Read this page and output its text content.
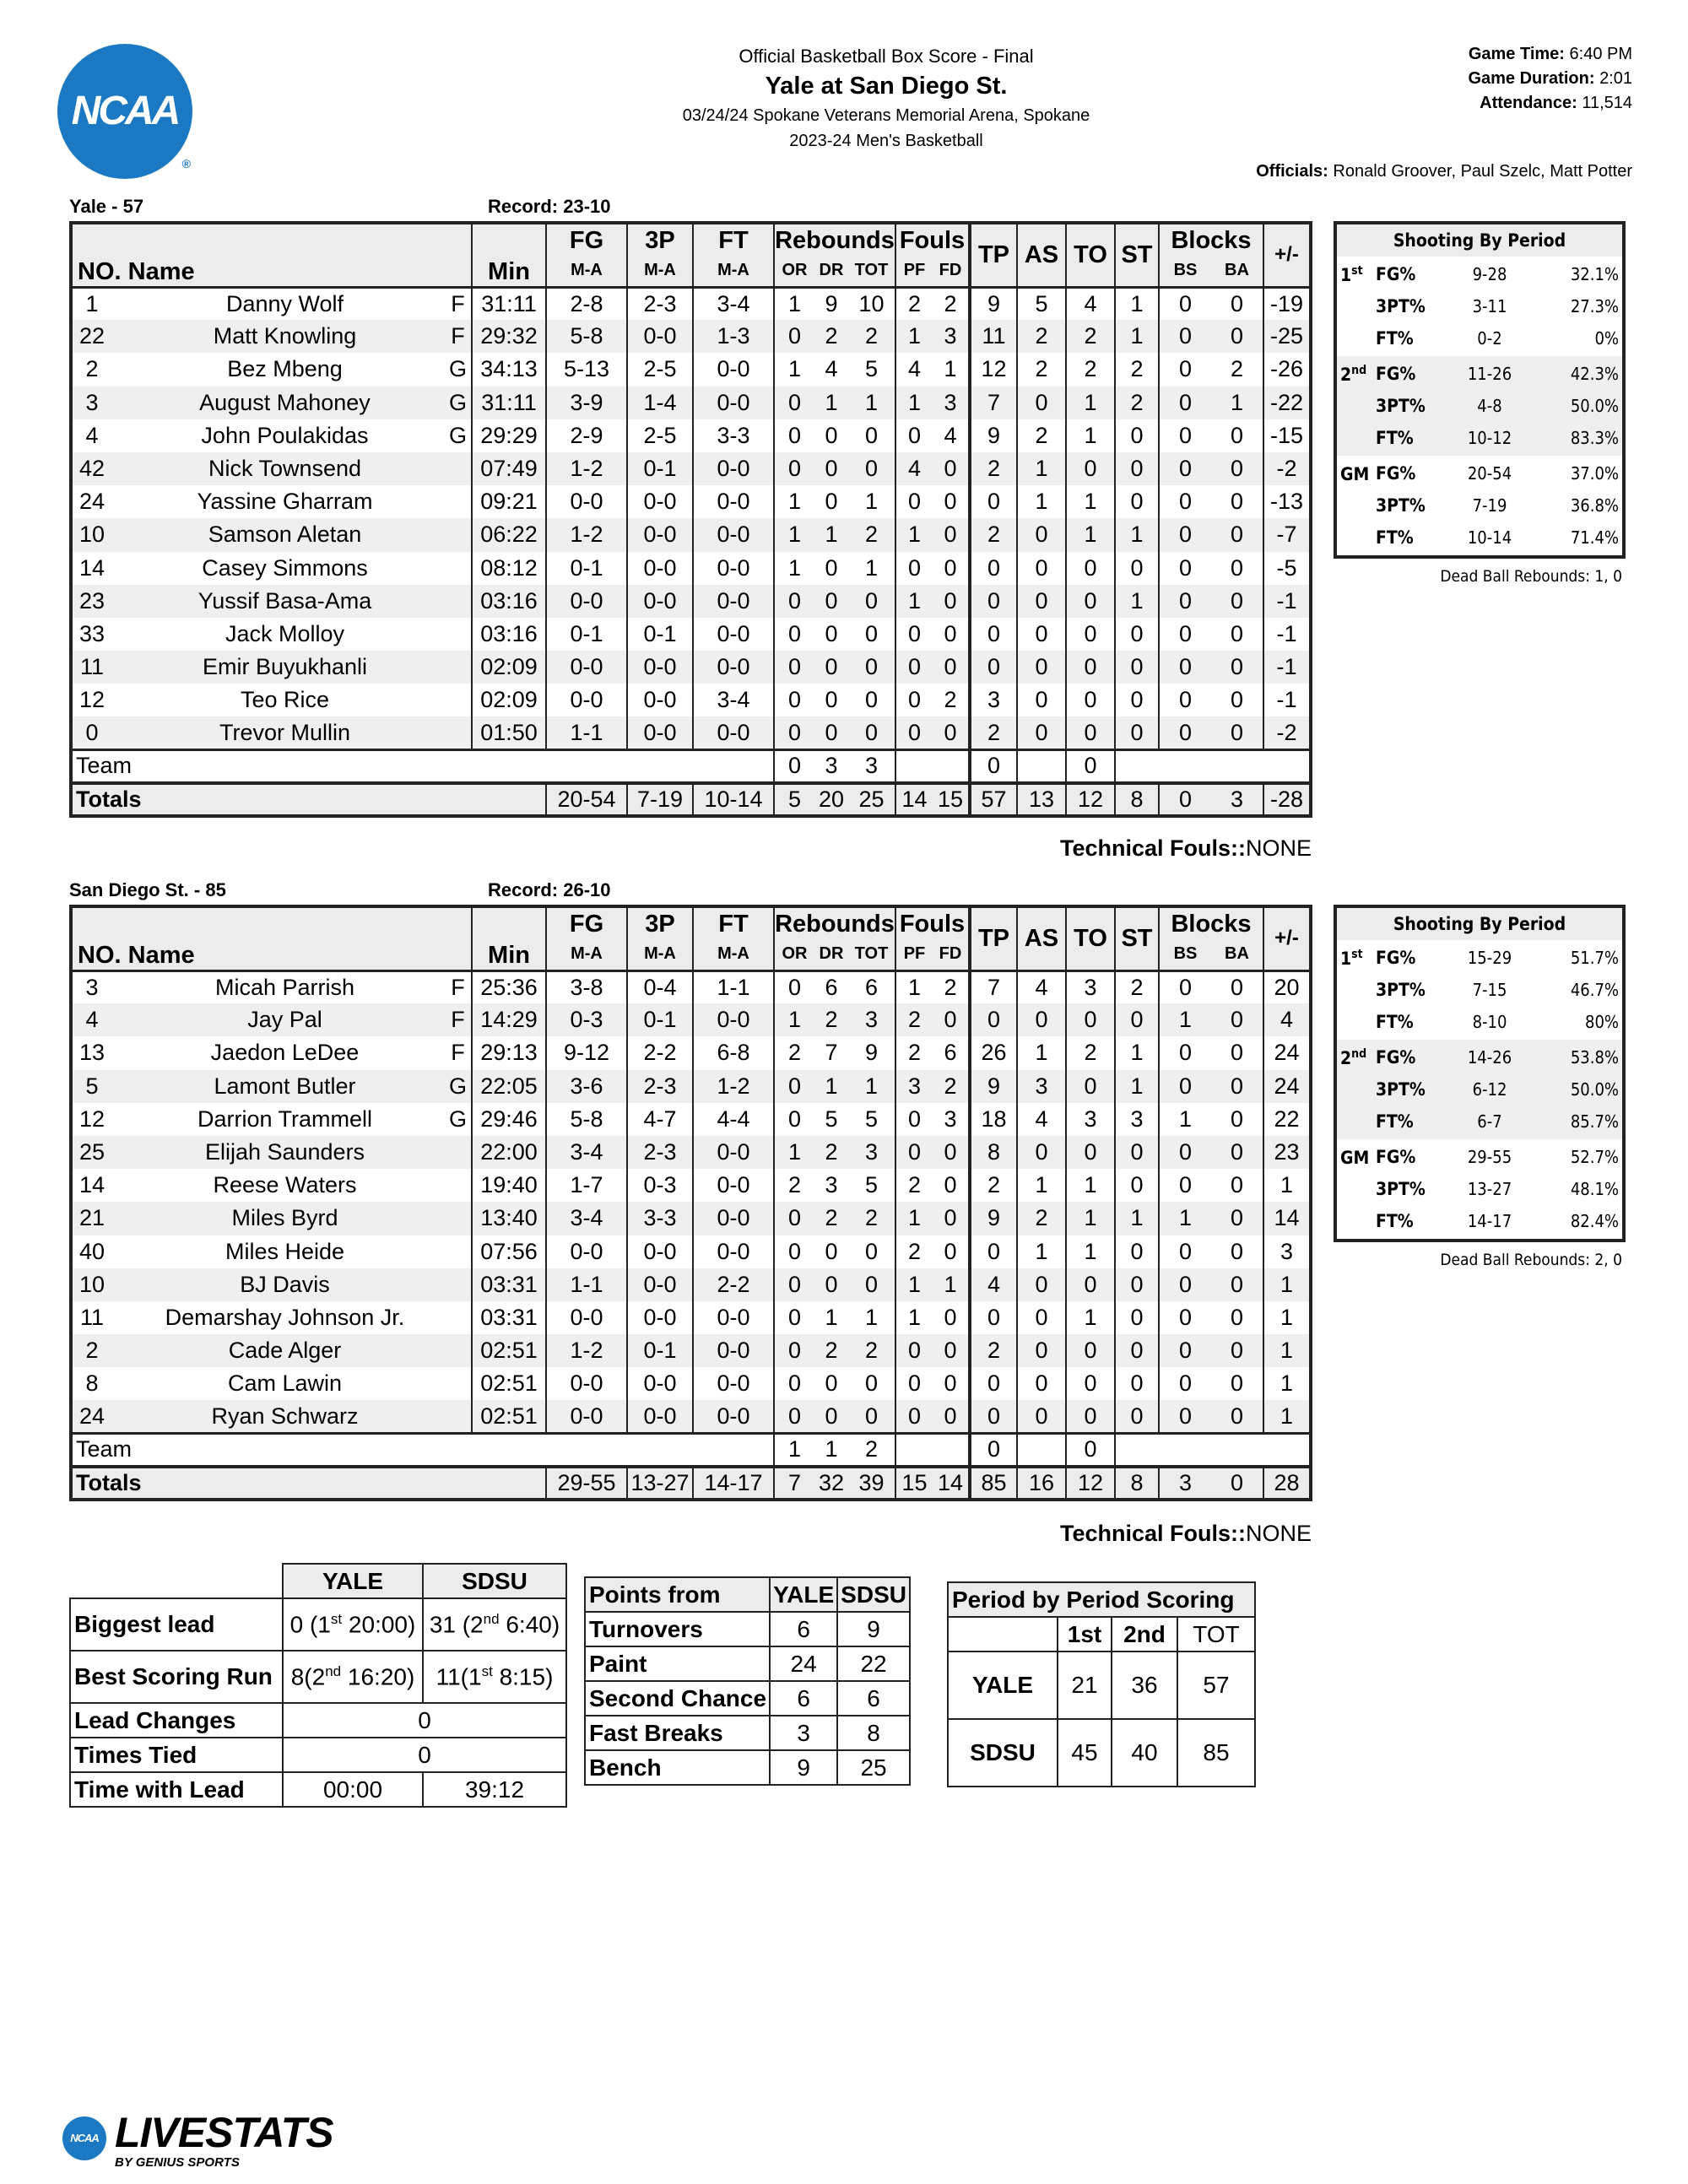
NCAA
®
Official Basketball Box Score - Final
Yale at San Diego St.
03/24/24 Spokane Veterans Memorial Arena, Spokane
2023-24 Men's Basketball
Game Time: 6:40 PM
Game Duration: 2:01
Attendance: 11,514
Officials: Ronald Groover, Paul Szelc, Matt Potter
Yale - 57	Record: 23-10
NO. Name			Min	FG	3P	FT	Rebounds			Fouls		TP	AS	TO	ST	Blocks		+/-
				M-A	M-A	M-A	OR	DR	TOT	PF	FD					BS	BA	
1	Danny Wolf	F	31:11	2-8	2-3	3-4	1	9	10	2	2	9	5	4	1	0	0	-19
22	Matt Knowling	F	29:32	5-8	0-0	1-3	0	2	2	1	3	11	2	2	1	0	0	-25
2	Bez Mbeng	G	34:13	5-13	2-5	0-0	1	4	5	4	1	12	2	2	2	0	2	-26
3	August Mahoney	G	31:11	3-9	1-4	0-0	0	1	1	1	3	7	0	1	2	0	1	-22
4	John Poulakidas	G	29:29	2-9	2-5	3-3	0	0	0	0	4	9	2	1	0	0	0	-15
42	Nick Townsend		07:49	1-2	0-1	0-0	0	0	0	4	0	2	1	0	0	0	0	-2
24	Yassine Gharram		09:21	0-0	0-0	0-0	1	0	1	0	0	0	1	1	0	0	0	-13
10	Samson Aletan		06:22	1-2	0-0	0-0	1	1	2	1	0	2	0	1	1	0	0	-7
14	Casey Simmons		08:12	0-1	0-0	0-0	1	0	1	0	0	0	0	0	0	0	0	-5
23	Yussif Basa-Ama		03:16	0-0	0-0	0-0	0	0	0	1	0	0	0	0	1	0	0	-1
33	Jack Molloy		03:16	0-1	0-1	0-0	0	0	0	0	0	0	0	0	0	0	0	-1
11	Emir Buyukhanli		02:09	0-0	0-0	0-0	0	0	0	0	0	0	0	0	0	0	0	-1
12	Teo Rice		02:09	0-0	0-0	3-4	0	0	0	0	2	3	0	0	0	0	0	-1
0	Trevor Mullin		01:50	1-1	0-0	0-0	0	0	0	0	0	2	0	0	0	0	0	-2
Team							0	3	3			0		0				
Totals				20-54	7-19	10-14	5	20	25	14	15	57	13	12	8	0	3	-28
Technical Fouls::NONE
Shooting By Period
1st FG%	9-28	32.1%
3PT%	3-11	27.3%
FT%	0-2	0%
2nd FG%	11-26	42.3%
3PT%	4-8	50.0%
FT%	10-12	83.3%
GM FG%	20-54	37.0%
3PT%	7-19	36.8%
FT%	10-14	71.4%
Dead Ball Rebounds: 1, 0
San Diego St. - 85	Record: 26-10
NO. Name			Min	FG	3P	FT	Rebounds			Fouls		TP	AS	TO	ST	Blocks		+/-
				M-A	M-A	M-A	OR	DR	TOT	PF	FD					BS	BA	
3	Micah Parrish	F	25:36	3-8	0-4	1-1	0	6	6	1	2	7	4	3	2	0	0	20
4	Jay Pal	F	14:29	0-3	0-1	0-0	1	2	3	2	0	0	0	0	0	1	0	4
13	Jaedon LeDee	F	29:13	9-12	2-2	6-8	2	7	9	2	6	26	1	2	1	0	0	24
5	Lamont Butler	G	22:05	3-6	2-3	1-2	0	1	1	3	2	9	3	0	1	0	0	24
12	Darrion Trammell	G	29:46	5-8	4-7	4-4	0	5	5	0	3	18	4	3	3	1	0	22
25	Elijah Saunders		22:00	3-4	2-3	0-0	1	2	3	0	0	8	0	0	0	0	0	23
14	Reese Waters		19:40	1-7	0-3	0-0	2	3	5	2	0	2	1	1	0	0	0	1
21	Miles Byrd		13:40	3-4	3-3	0-0	0	2	2	1	0	9	2	1	1	1	0	14
40	Miles Heide		07:56	0-0	0-0	0-0	0	0	0	2	0	0	1	1	0	0	0	3
10	BJ Davis		03:31	1-1	0-0	2-2	0	0	0	1	1	4	0	0	0	0	0	1
11	Demarshay Johnson Jr.		03:31	0-0	0-0	0-0	0	1	1	1	0	0	0	1	0	0	0	1
2	Cade Alger		02:51	1-2	0-1	0-0	0	2	2	0	0	2	0	0	0	0	0	1
8	Cam Lawin		02:51	0-0	0-0	0-0	0	0	0	0	0	0	0	0	0	0	0	1
24	Ryan Schwarz		02:51	0-0	0-0	0-0	0	0	0	0	0	0	0	0	0	0	0	1
Team							1	1	2			0		0				
Totals				29-55	13-27	14-17	7	32	39	15	14	85	16	12	8	3	0	28
Technical Fouls::NONE
Shooting By Period
1st FG%	15-29	51.7%
3PT%	7-15	46.7%
FT%	8-10	80%
2nd FG%	14-26	53.8%
3PT%	6-12	50.0%
FT%	6-7	85.7%
GM FG%	29-55	52.7%
3PT%	13-27	48.1%
FT%	14-17	82.4%
Dead Ball Rebounds: 2, 0
	YALE	SDSU
Biggest lead	0 (1st 20:00)	31 (2nd 6:40)
Best Scoring Run	8(2nd 16:20)	11(1st 8:15)
Lead Changes	0	
Times Tied	0	
Time with Lead	00:00	39:12
Points from	YALE	SDSU
Turnovers	6	9
Paint	24	22
Second Chance	6	6
Fast Breaks	3	8
Bench	9	25
Period by Period Scoring			
	1st	2nd	TOT
YALE	21	36	57
SDSU	45	40	85
NCAA LIVESTATS
BY GENIUS SPORTS
